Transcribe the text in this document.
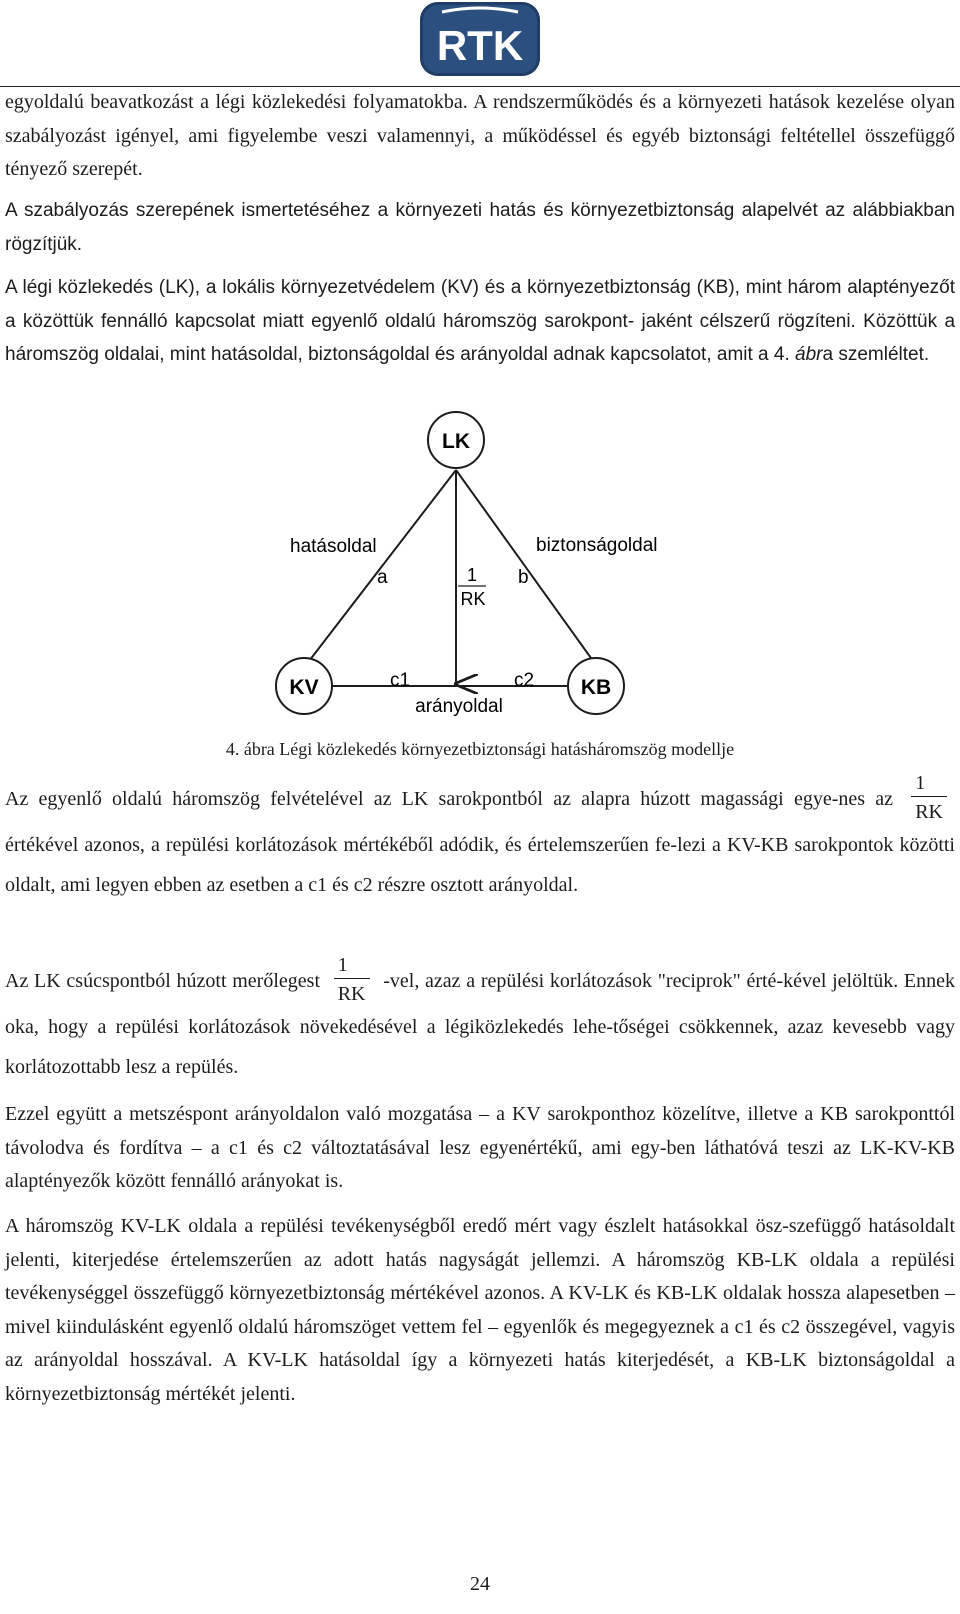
RTK

egyoldalú beavatkozást a légi közlekedési folyamatokba. A rendszerműködés és a környezeti hatások kezelése olyan szabályozást igényel, ami figyelembe veszi valamennyi, a működéssel és egyéb biztonsági feltétellel összefüggő tényező szerepét.

A szabályozás szerepének ismertetéséhez a környezeti hatás és környezetbiztonság alapelvét az alábbiakban rögzítjük.

A légi közlekedés (LK), a lokális környezetvédelem (KV) és a környezetbiztonság (KB), mint három alaptényezőt a közöttük fennálló kapcsolat miatt egyenlő oldalú háromszög sarokpont- jaként célszerű rögzíteni. Közöttük a háromszög oldalai, mint hatásoldal, biztonságoldal és arányoldal adnak kapcsolatot, amit a 4. ábra szemléltet.
LK
KV	KB
hatásoldal	biztonságoldal
a	b
1
RK
c1	c2
arányoldal

4. ábra Légi közlekedés környezetbiztonsági hatásháromszög modellje

Az egyenlő oldalú háromszög felvételével az LK sarokpontból az alapra húzott magassági egye-nes az $\frac{1}{RK}$
értékével azonos, a repülési korlátozások mértékéből adódik, és értelemszerűen fe-lezi a KV-KB sarokpontok közötti oldalt, ami legyen ebben az esetben a c1 és c2 részre osztott arányoldal.
Az LK csúcspontból húzott merőlegest $\frac{1}{RK} -vel$, azaz a repülési korlátozások "reciprok" érté-kével jelöltük. Ennek oka, hogy a repülési korlátozások növekedésével a légiközlekedés lehe-tőségei csökkennek, azaz kevesebb vagy korlátozottabb lesz a repülés.

Ezzel együtt a metszéspont arányoldalon való mozgatása – a KV sarokponthoz közelítve, illetve a KB sarokponttól távolodva és fordítva – a c1 és c2 változtatásával lesz egyenértékű, ami egy-ben láthatóvá teszi az LK-KV-KB alaptényezők között fennálló arányokat is.

A háromszög KV-LK oldala a repülési tevékenységből eredő mért vagy észlelt hatásokkal ösz-szefüggő hatásoldalt jelenti, kiterjedése értelemszerűen az adott hatás nagyságát jellemzi. A háromszög KB-LK oldala a repülési tevékenységgel összefüggő környezetbiztonság mértékével azonos. A KV-LK és KB-LK oldalak hossza alapesetben – mivel kiindulásként egyenlő oldalú háromszöget vettem fel – egyenlők és megegyeznek a c1 és c2 összegével, vagyis az arányoldal hosszával. A KV-LK hatásoldal így a környezeti hatás kiterjedését, a KB-LK biztonságoldal a környezetbiztonság mértékét jelenti.

24
